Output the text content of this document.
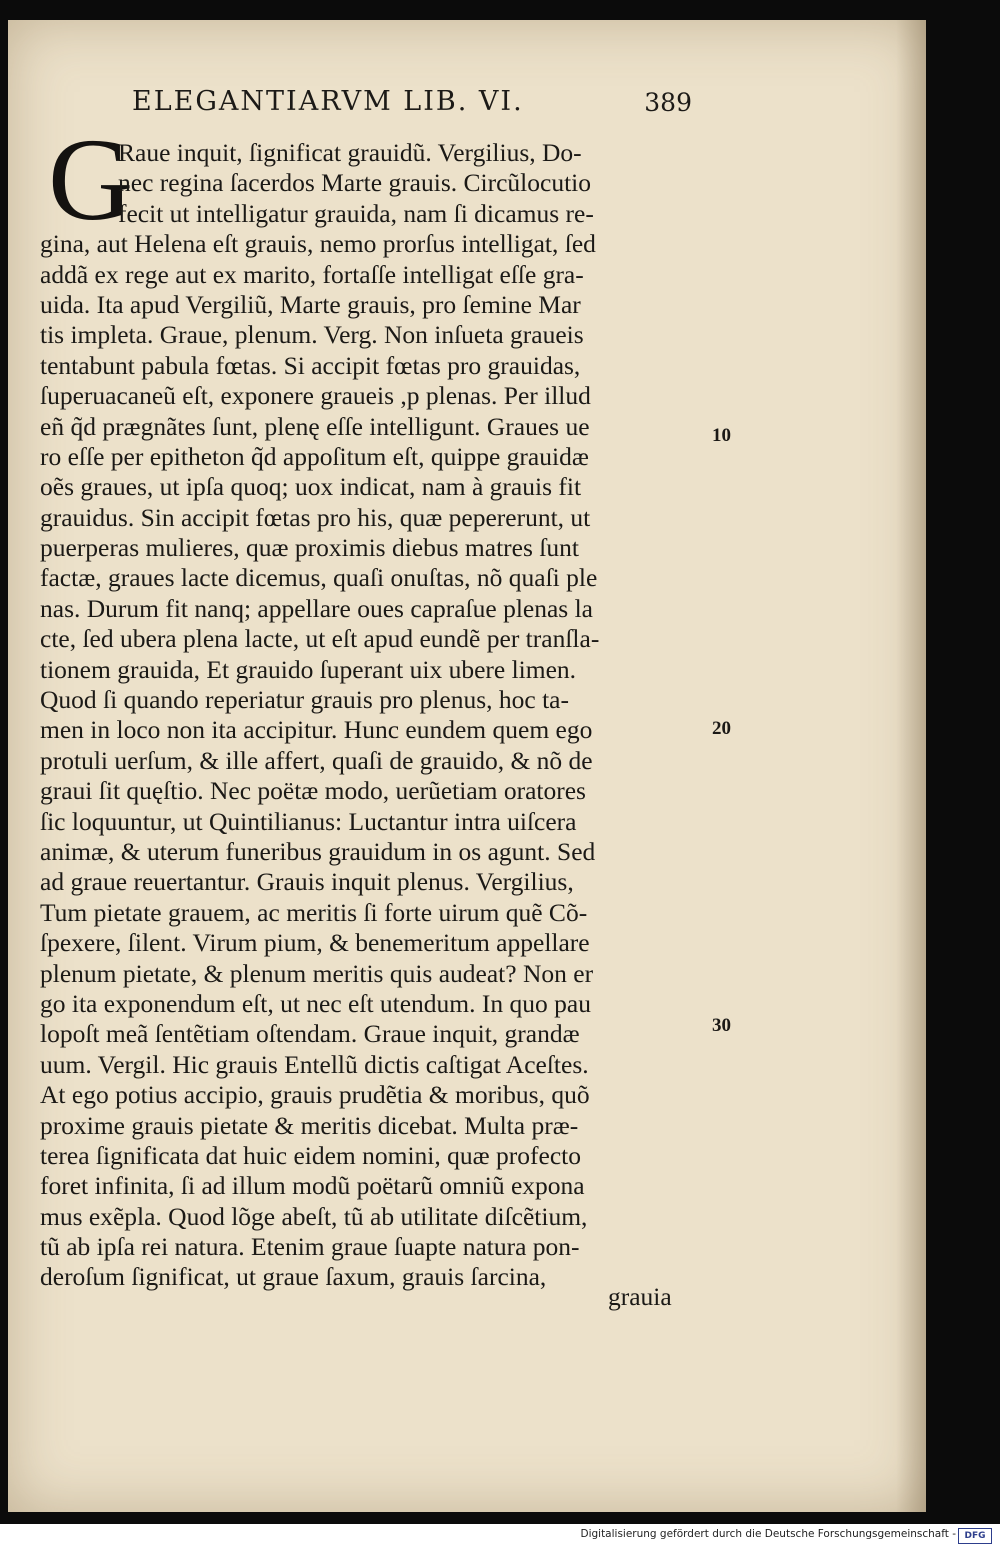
ELEGANTIARVM LIB. VI.	389
G
Raue inquit, ſignificat grauidũ. Vergilius, Do-
nec regina ſacerdos Marte grauis. Circũlocutio
fecit ut intelligatur grauida, nam ſi dicamus re-
gina, aut Helena eſt grauis, nemo prorſus intelligat, ſed
addã ex rege aut ex marito, fortaſſe intelligat eſſe gra-
uida. Ita apud Vergiliũ, Marte grauis, pro ſemine Mar
tis impleta. Graue, plenum. Verg. Non inſueta graueis
tentabunt pabula fœtas. Si accipit fœtas pro grauidas,
ſuperuacaneũ eſt, exponere graueis ,p plenas. Per illud
eñ q̃d prægnãtes ſunt, plenę eſſe intelligunt. Graues ue
ro eſſe per epitheton q̃d appoſitum eſt, quippe grauidæ
oẽs graues, ut ipſa quoq; uox indicat, nam à grauis fit
grauidus. Sin accipit fœtas pro his, quæ pepererunt, ut
puerperas mulieres, quæ proximis diebus matres ſunt
factæ, graues lacte dicemus, quaſi onuſtas, nõ quaſi ple
nas. Durum fit nanq; appellare oues capraſue plenas la
cte, ſed ubera plena lacte, ut eſt apud eundẽ per tranſla-
tionem grauida, Et grauido ſuperant uix ubere limen.
Quod ſi quando reperiatur grauis pro plenus, hoc ta-
men in loco non ita accipitur. Hunc eundem quem ego
protuli uerſum, & ille affert, quaſi de grauido, & nõ de
graui ſit quęſtio. Nec poëtæ modo, uerũetiam oratores
ſic loquuntur, ut Quintilianus: Luctantur intra uiſcera
animæ, & uterum funeribus grauidum in os agunt. Sed
ad graue reuertantur. Grauis inquit plenus. Vergilius,
Tum pietate grauem, ac meritis ſi forte uirum quẽ Cõ-
ſpexere, ſilent. Virum pium, & benemeritum appellare
plenum pietate, & plenum meritis quis audeat? Non er
go ita exponendum eſt, ut nec eſt utendum. In quo pau
lopoſt meã ſentẽtiam oſtendam. Graue inquit, grandæ
uum. Vergil. Hic grauis Entellũ dictis caſtigat Aceſtes.
At ego potius accipio, grauis prudẽtia & moribus, quõ
proxime grauis pietate & meritis dicebat. Multa præ-
terea ſignificata dat huic eidem nomini, quæ profecto
foret infinita, ſi ad illum modũ poëtarũ omniũ expona
mus exẽpla. Quod lõge abeſt, tũ ab utilitate diſcẽtium,
tũ ab ipſa rei natura. Etenim graue ſuapte natura pon-
deroſum ſignificat, ut graue ſaxum, grauis ſarcina,
10
20
30
grauia
Digitalisierung gefördert durch die Deutsche Forschungsgemeinschaft - DFG
